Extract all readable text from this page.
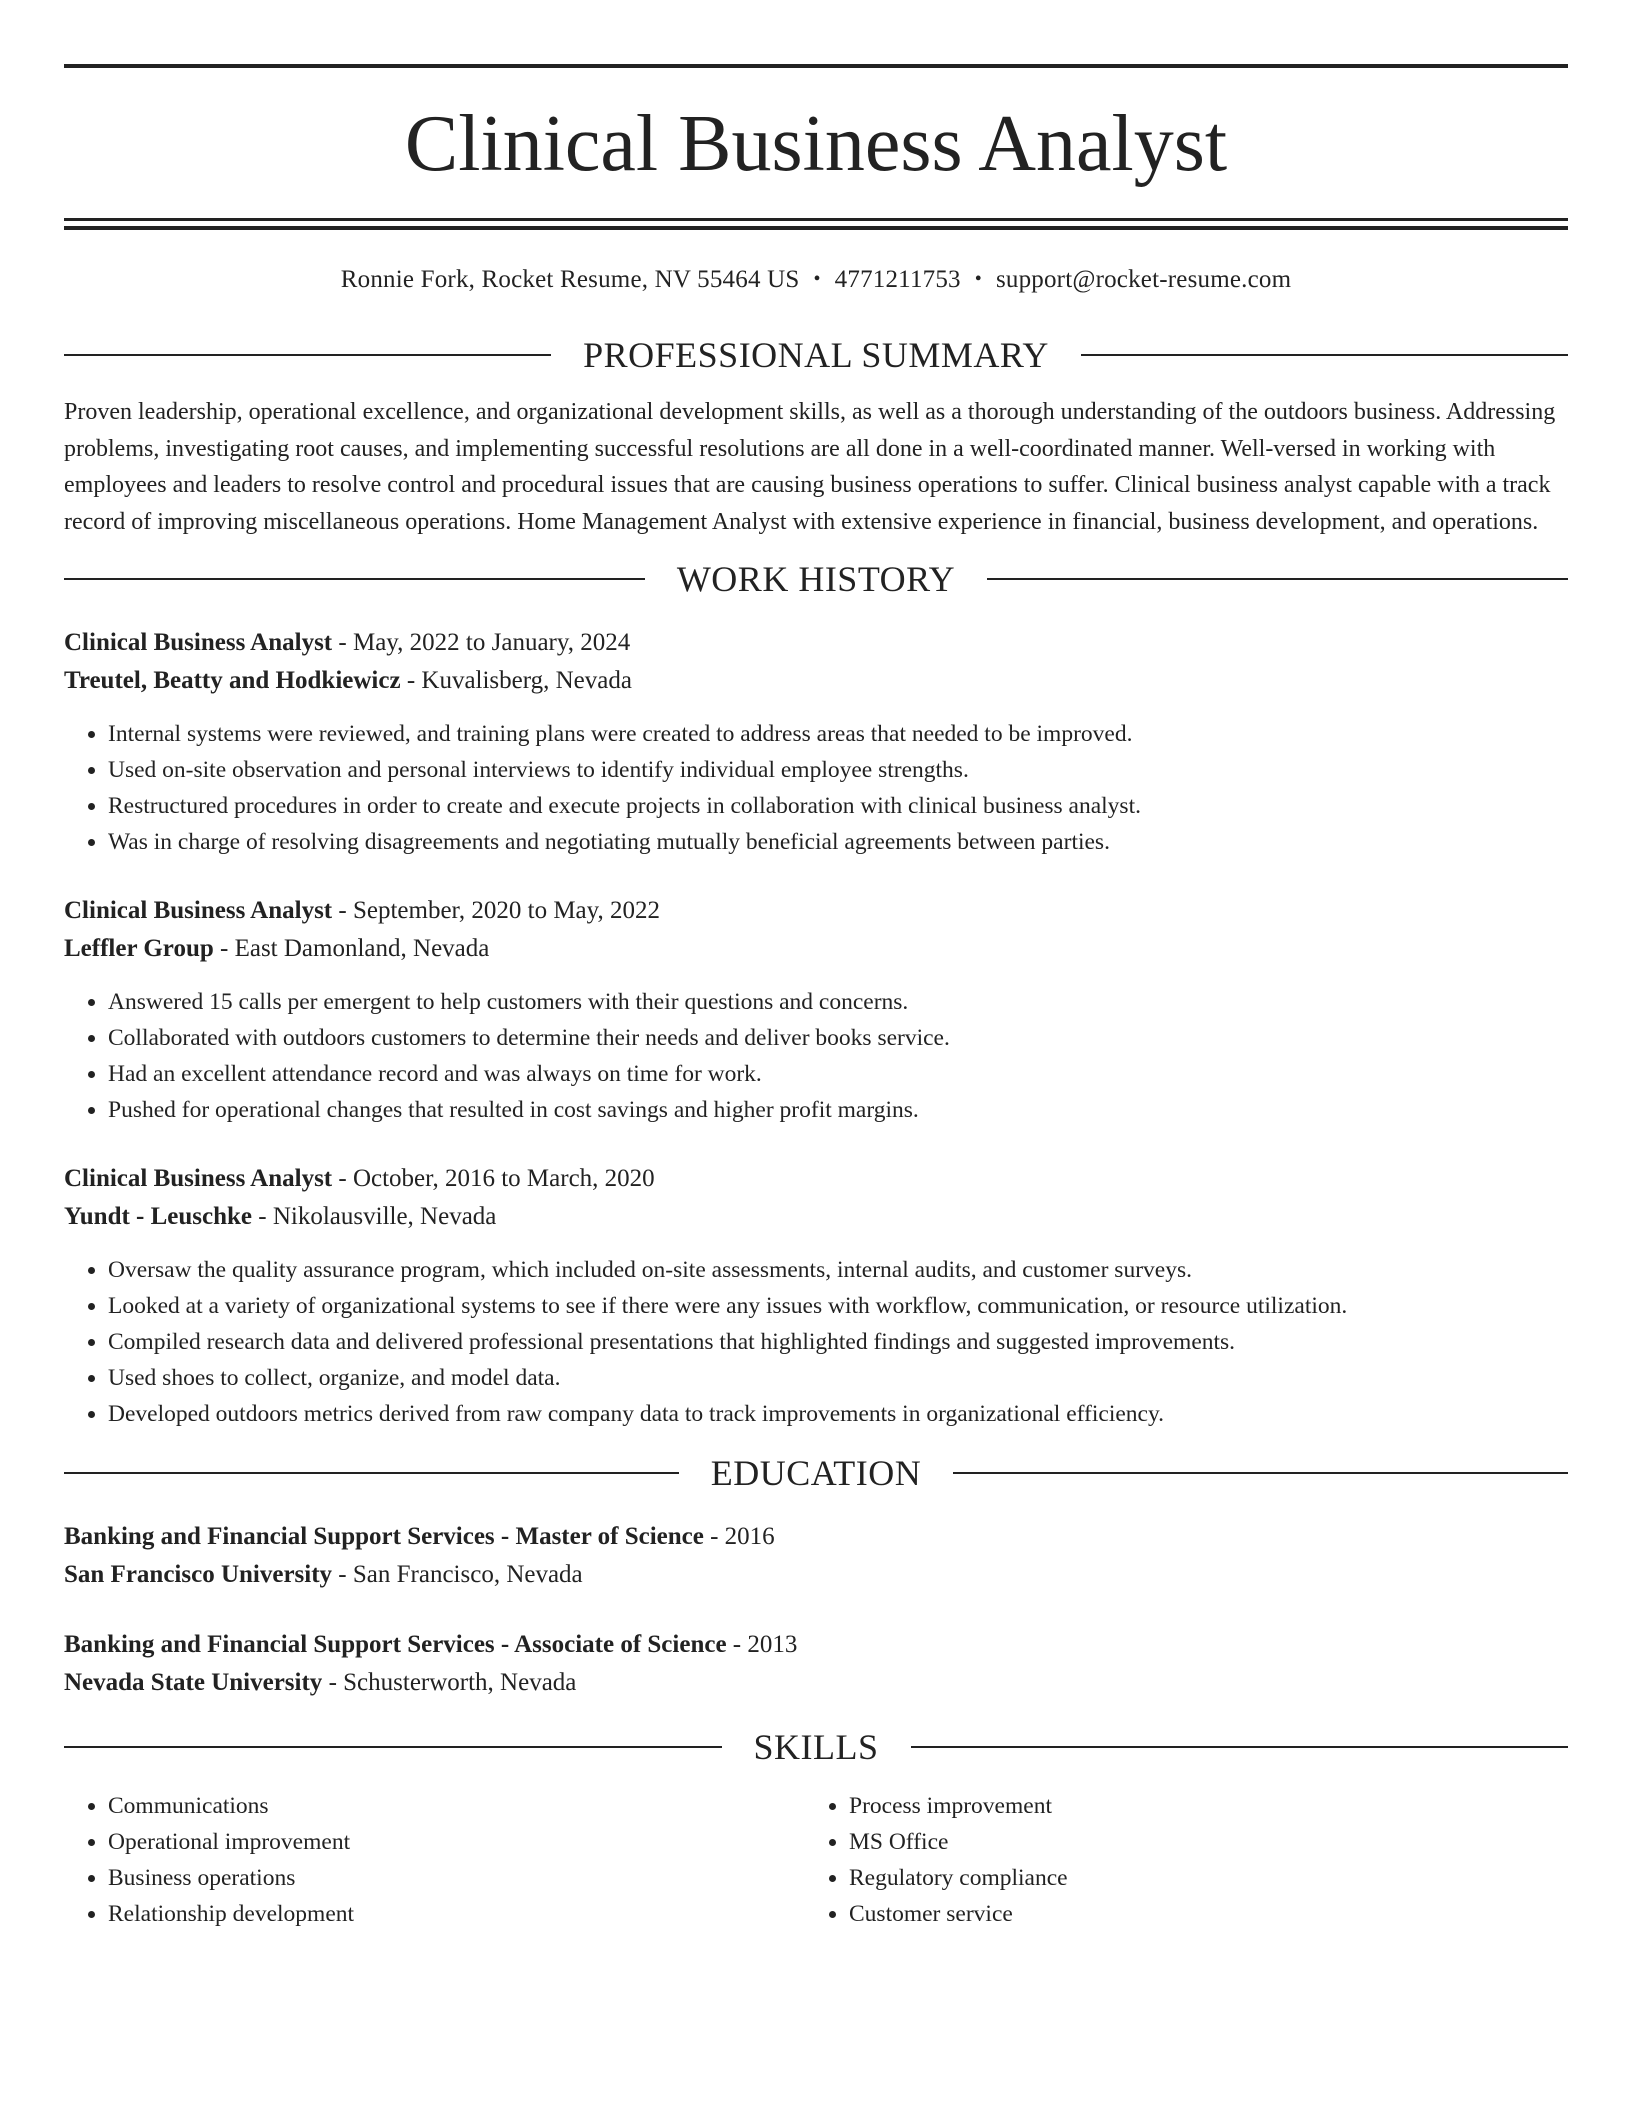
Clinical Business Analyst
Ronnie Fork, Rocket Resume, NV 55464 US • 4771211753 • support@rocket-resume.com
PROFESSIONAL SUMMARY
Proven leadership, operational excellence, and organizational development skills, as well as a thorough understanding of the outdoors business. Addressing problems, investigating root causes, and implementing successful resolutions are all done in a well-coordinated manner. Well-versed in working with employees and leaders to resolve control and procedural issues that are causing business operations to suffer. Clinical business analyst capable with a track record of improving miscellaneous operations. Home Management Analyst with extensive experience in financial, business development, and operations.
WORK HISTORY
Clinical Business Analyst - May, 2022 to January, 2024
Treutel, Beatty and Hodkiewicz - Kuvalisberg, Nevada
• Internal systems were reviewed, and training plans were created to address areas that needed to be improved.
• Used on-site observation and personal interviews to identify individual employee strengths.
• Restructured procedures in order to create and execute projects in collaboration with clinical business analyst.
• Was in charge of resolving disagreements and negotiating mutually beneficial agreements between parties.
Clinical Business Analyst - September, 2020 to May, 2022
Leffler Group - East Damonland, Nevada
• Answered 15 calls per emergent to help customers with their questions and concerns.
• Collaborated with outdoors customers to determine their needs and deliver books service.
• Had an excellent attendance record and was always on time for work.
• Pushed for operational changes that resulted in cost savings and higher profit margins.
Clinical Business Analyst - October, 2016 to March, 2020
Yundt - Leuschke - Nikolausville, Nevada
• Oversaw the quality assurance program, which included on-site assessments, internal audits, and customer surveys.
• Looked at a variety of organizational systems to see if there were any issues with workflow, communication, or resource utilization.
• Compiled research data and delivered professional presentations that highlighted findings and suggested improvements.
• Used shoes to collect, organize, and model data.
• Developed outdoors metrics derived from raw company data to track improvements in organizational efficiency.
EDUCATION
Banking and Financial Support Services - Master of Science - 2016
San Francisco University - San Francisco, Nevada
Banking and Financial Support Services - Associate of Science - 2013
Nevada State University - Schusterworth, Nevada
SKILLS
• Communications
• Operational improvement
• Business operations
• Relationship development
• Process improvement
• MS Office
• Regulatory compliance
• Customer service
